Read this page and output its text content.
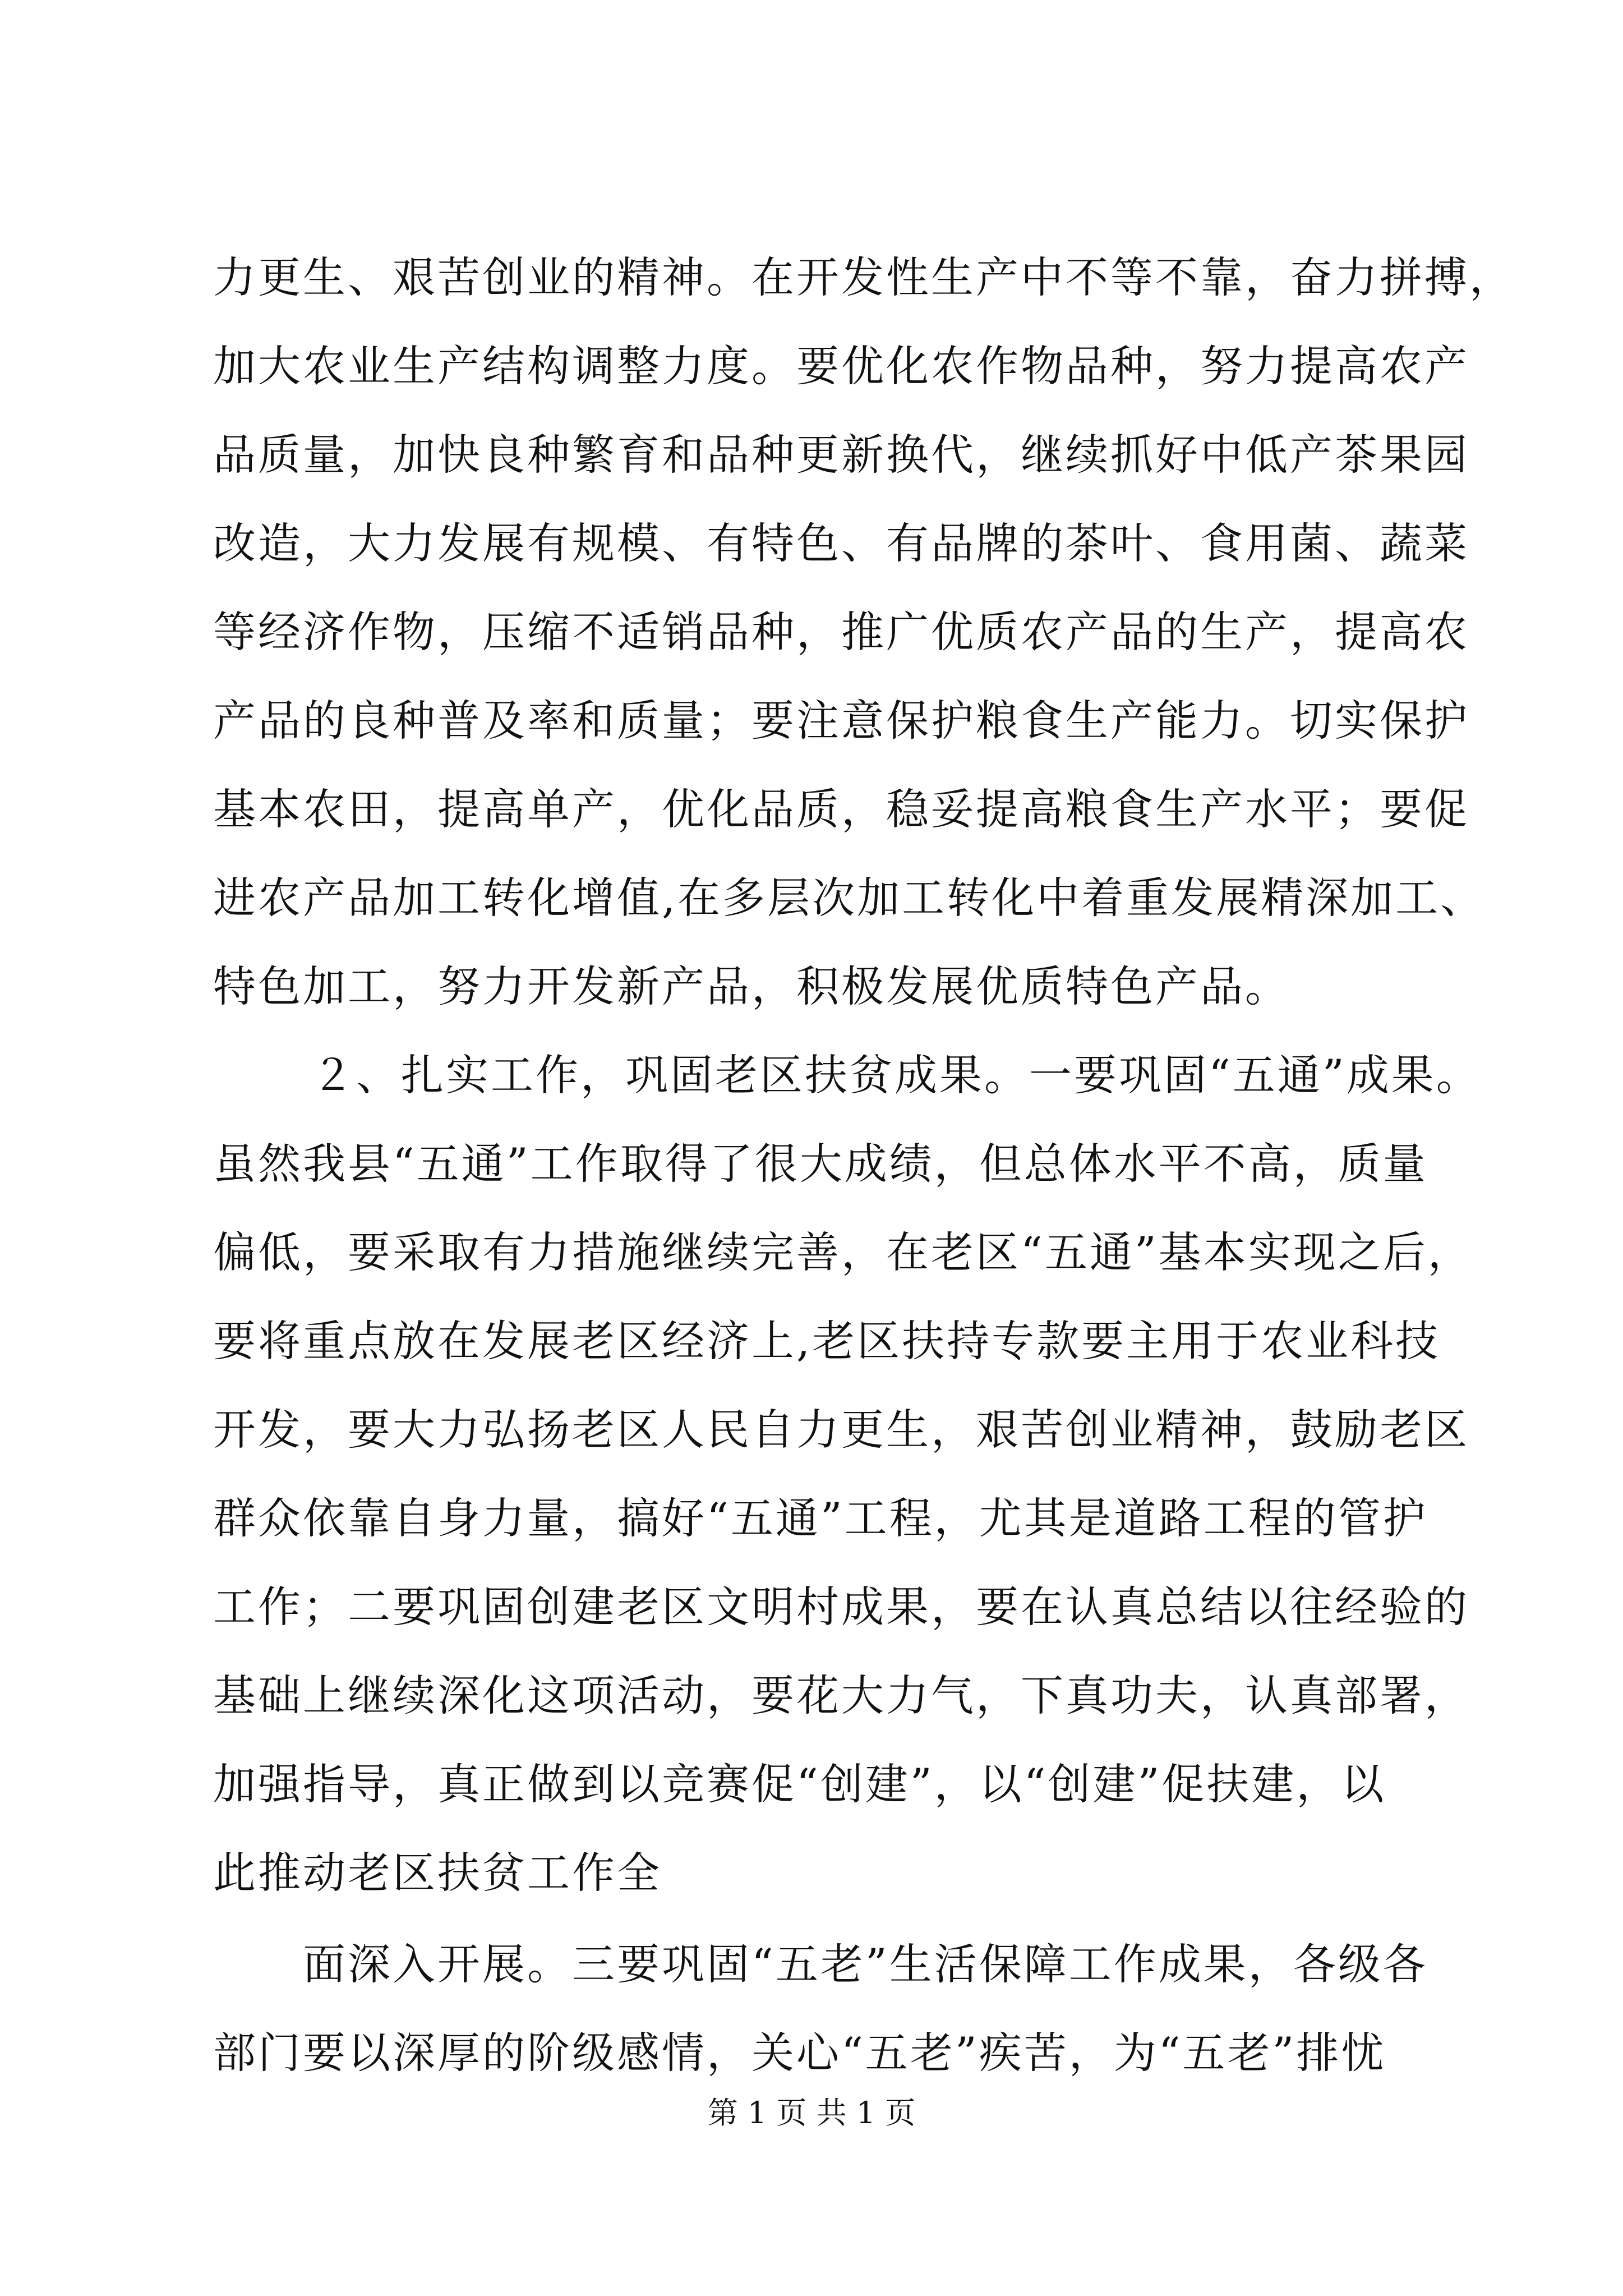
力更生、艰苦创业的精神。在开发性生产中不等不靠，奋力拼搏，
加大农业生产结构调整力度。要优化农作物品种，努力提高农产
品质量，加快良种繁育和品种更新换代，继续抓好中低产茶果园
改造，大力发展有规模、有特色、有品牌的茶叶、食用菌、蔬菜
等经济作物，压缩不适销品种，推广优质农产品的生产，提高农
产品的良种普及率和质量；要注意保护粮食生产能力。切实保护
基本农田，提高单产，优化品质，稳妥提高粮食生产水平；要促
进农产品加工转化增值,在多层次加工转化中着重发展精深加工、
特色加工，努力开发新产品，积极发展优质特色产品。
２、扎实工作，巩固老区扶贫成果。一要巩固“五通”成果。
虽然我县“五通”工作取得了很大成绩，但总体水平不高，质量
偏低，要采取有力措施继续完善，在老区“五通”基本实现之后，
要将重点放在发展老区经济上,老区扶持专款要主用于农业科技
开发，要大力弘扬老区人民自力更生，艰苦创业精神，鼓励老区
群众依靠自身力量，搞好“五通”工程，尤其是道路工程的管护
工作；二要巩固创建老区文明村成果，要在认真总结以往经验的
基础上继续深化这项活动，要花大力气，下真功夫，认真部署，
加强指导，真正做到以竞赛促“创建”，以“创建”促扶建，以
此推动老区扶贫工作全
面深入开展。三要巩固“五老”生活保障工作成果，各级各
部门要以深厚的阶级感情，关心“五老”疾苦，为“五老”排忧
第 1 页 共 1 页
